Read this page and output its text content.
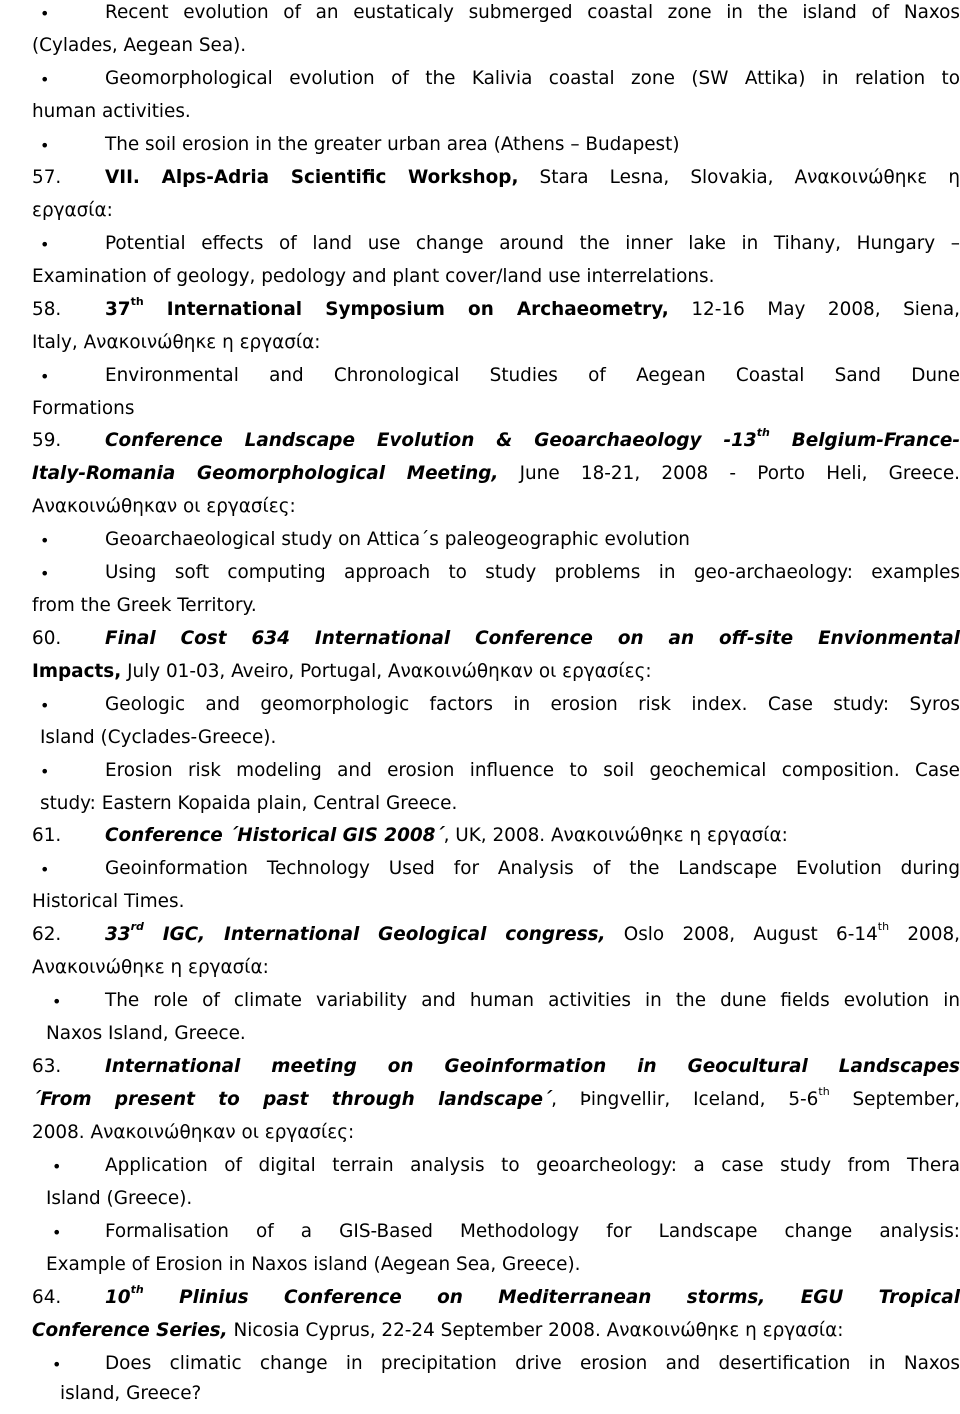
•	Recent evolution of an eustaticaly submerged coastal zone in the island of Naxos
(Cylades, Aegean Sea).
•	Geomorphological evolution of the Kalivia coastal zone (SW Attika) in relation to
human activities.
•	The soil erosion in the greater urban area (Athens – Budapest)
57. VII. Alps-Adria Scientific Workshop, Stara Lesna, Slovakia, Ανακοινώθηκε η
εργασία:
•	Potential effects of land use change around the inner lake in Tihany, Hungary –
Examination of geology, pedology and plant cover/land use interrelations.
58. 37th International Symposium on Archaeometry, 12-16 May 2008, Siena,
Italy, Ανακοινώθηκε η εργασία:
•	Environmental and Chronological Studies of Aegean Coastal Sand Dune
Formations
59. Conference Landscape Evolution & Geoarchaeology -13th Belgium-France-
Italy-Romania Geomorphological Meeting, June 18-21, 2008 - Porto Heli, Greece.
Ανακοινώθηκαν οι εργασίες:
•	Geoarchaeological study on Attica΄s paleogeographic evolution
•	Using soft computing approach to study problems in geo-archaeology: examples
from the Greek Territory.
60. Final Cost 634 International Conference on an off-site Envionmental
Impacts, July 01-03, Aveiro, Portugal, Ανακοινώθηκαν οι εργασίες:
•	Geologic and geomorphologic factors in erosion risk index. Case study: Syros
Island (Cyclades-Greece).
•	Erosion risk modeling and erosion influence to soil geochemical composition. Case
study: Eastern Kopaida plain, Central Greece.
61. Conference ΄Historical GIS 2008΄, UK, 2008. Ανακοινώθηκε η εργασία:
•	Geoinformation Technology Used for Analysis of the Landscape Evolution during
Historical Times.
62. 33rd IGC, International Geological congress, Oslo 2008, August 6-14th 2008,
Ανακοινώθηκε η εργασία:
• The role of climate variability and human activities in the dune fields evolution in
Naxos Island, Greece.
63. International meeting on Geoinformation in Geocultural Landscapes
΄From present to past through landscape΄, Þingvellir, Iceland, 5-6th September,
2008. Ανακοινώθηκαν οι εργασίες:
• Application of digital terrain analysis to geoarcheology: a case study from Thera
Island (Greece).
• Formalisation of a GIS-Based Methodology for Landscape change analysis:
Example of Erosion in Naxos island (Aegean Sea, Greece).
64. 10th Plinius Conference on Mediterranean storms, EGU Tropical
Conference Series, Nicosia Cyprus, 22-24 September 2008. Ανακοινώθηκε η εργασία:
• Does climatic change in precipitation drive erosion and desertification in Naxos
island, Greece?
